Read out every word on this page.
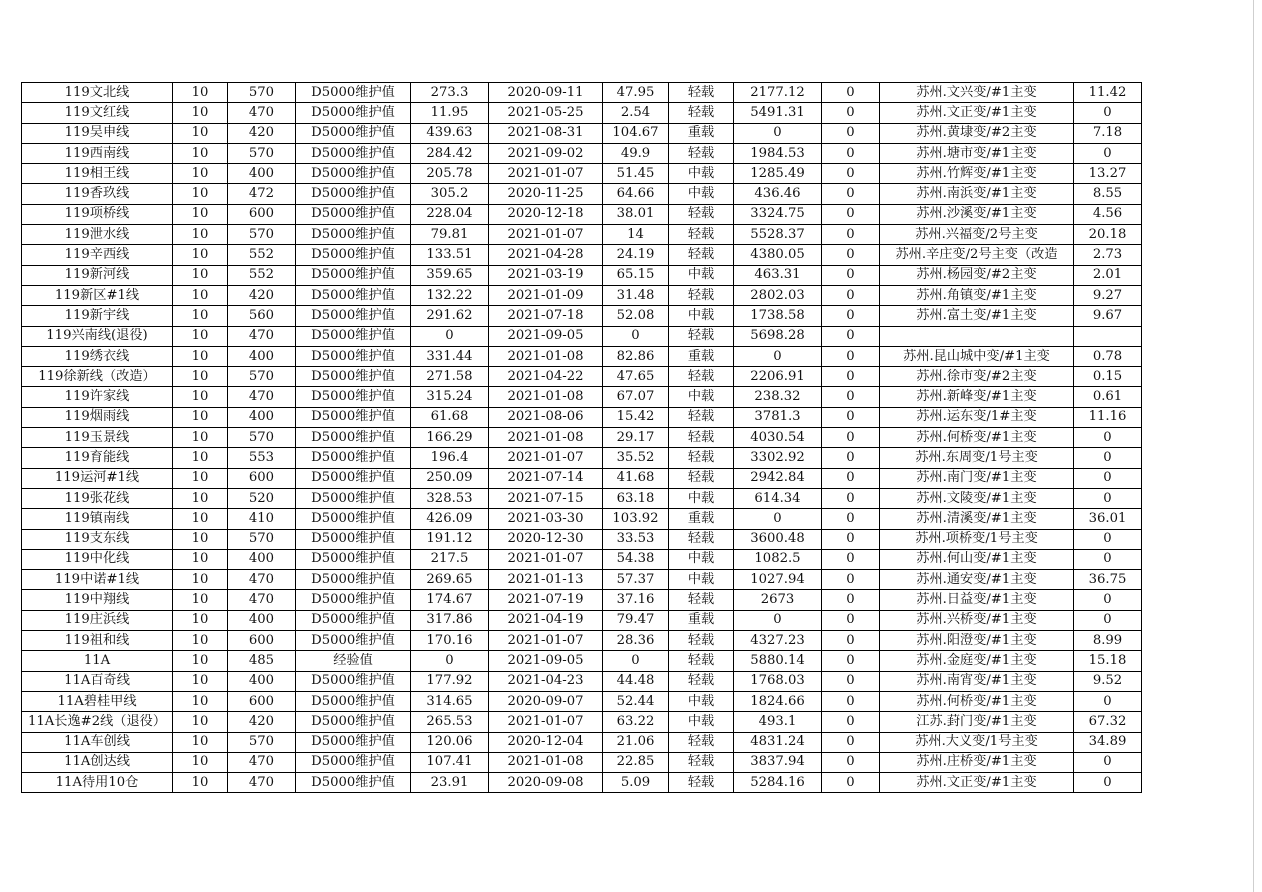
119文北线	10	570	D5000维护值	273.3	2020-09-11	47.95	轻载	2177.12	0	苏州.文兴变/#1主变	11.42
119文红线	10	470	D5000维护值	11.95	2021-05-25	2.54	轻载	5491.31	0	苏州.文正变/#1主变	0
119吴申线	10	420	D5000维护值	439.63	2021-08-31	104.67	重载	0	0	苏州.黄埭变/#2主变	7.18
119西南线	10	570	D5000维护值	284.42	2021-09-02	49.9	轻载	1984.53	0	苏州.塘市变/#1主变	0
119相王线	10	400	D5000维护值	205.78	2021-01-07	51.45	中载	1285.49	0	苏州.竹辉变/#1主变	13.27
119香玖线	10	472	D5000维护值	305.2	2020-11-25	64.66	中载	436.46	0	苏州.南浜变/#1主变	8.55
119项桥线	10	600	D5000维护值	228.04	2020-12-18	38.01	轻载	3324.75	0	苏州.沙溪变/#1主变	4.56
119泄水线	10	570	D5000维护值	79.81	2021-01-07	14	轻载	5528.37	0	苏州.兴福变/2号主变	20.18
119辛西线	10	552	D5000维护值	133.51	2021-04-28	24.19	轻载	4380.05	0	苏州.辛庄变/2号主变（改造	2.73
119新河线	10	552	D5000维护值	359.65	2021-03-19	65.15	中载	463.31	0	苏州.杨园变/#2主变	2.01
119新区#1线	10	420	D5000维护值	132.22	2021-01-09	31.48	轻载	2802.03	0	苏州.角镇变/#1主变	9.27
119新宇线	10	560	D5000维护值	291.62	2021-07-18	52.08	中载	1738.58	0	苏州.富土变/#1主变	9.67
119兴南线(退役)	10	470	D5000维护值	0	2021-09-05	0	轻载	5698.28	0		
119绣衣线	10	400	D5000维护值	331.44	2021-01-08	82.86	重载	0	0	苏州.昆山城中变/#1主变	0.78
119徐新线（改造）	10	570	D5000维护值	271.58	2021-04-22	47.65	轻载	2206.91	0	苏州.徐市变/#2主变	0.15
119许家线	10	470	D5000维护值	315.24	2021-01-08	67.07	中载	238.32	0	苏州.新峰变/#1主变	0.61
119烟雨线	10	400	D5000维护值	61.68	2021-08-06	15.42	轻载	3781.3	0	苏州.运东变/1#主变	11.16
119玉景线	10	570	D5000维护值	166.29	2021-01-08	29.17	轻载	4030.54	0	苏州.何桥变/#1主变	0
119育能线	10	553	D5000维护值	196.4	2021-01-07	35.52	轻载	3302.92	0	苏州.东周变/1号主变	0
119运河#1线	10	600	D5000维护值	250.09	2021-07-14	41.68	轻载	2942.84	0	苏州.南门变/#1主变	0
119张花线	10	520	D5000维护值	328.53	2021-07-15	63.18	中载	614.34	0	苏州.文陵变/#1主变	0
119镇南线	10	410	D5000维护值	426.09	2021-03-30	103.92	重载	0	0	苏州.清溪变/#1主变	36.01
119支东线	10	570	D5000维护值	191.12	2020-12-30	33.53	轻载	3600.48	0	苏州.项桥变/1号主变	0
119中化线	10	400	D5000维护值	217.5	2021-01-07	54.38	中载	1082.5	0	苏州.何山变/#1主变	0
119中诺#1线	10	470	D5000维护值	269.65	2021-01-13	57.37	中载	1027.94	0	苏州.通安变/#1主变	36.75
119中翔线	10	470	D5000维护值	174.67	2021-07-19	37.16	轻载	2673	0	苏州.日益变/#1主变	0
119庄浜线	10	400	D5000维护值	317.86	2021-04-19	79.47	重载	0	0	苏州.兴桥变/#1主变	0
119祖和线	10	600	D5000维护值	170.16	2021-01-07	28.36	轻载	4327.23	0	苏州.阳澄变/#1主变	8.99
11A	10	485	经验值	0	2021-09-05	0	轻载	5880.14	0	苏州.金庭变/#1主变	15.18
11A百奇线	10	400	D5000维护值	177.92	2021-04-23	44.48	轻载	1768.03	0	苏州.南宵变/#1主变	9.52
11A碧桂甲线	10	600	D5000维护值	314.65	2020-09-07	52.44	中载	1824.66	0	苏州.何桥变/#1主变	0
11A长逸#2线（退役）	10	420	D5000维护值	265.53	2021-01-07	63.22	中载	493.1	0	江苏.葑门变/#1主变	67.32
11A车创线	10	570	D5000维护值	120.06	2020-12-04	21.06	轻载	4831.24	0	苏州.大义变/1号主变	34.89
11A创达线	10	470	D5000维护值	107.41	2021-01-08	22.85	轻载	3837.94	0	苏州.庄桥变/#1主变	0
11A待用10仓	10	470	D5000维护值	23.91	2020-09-08	5.09	轻载	5284.16	0	苏州.文正变/#1主变	0
